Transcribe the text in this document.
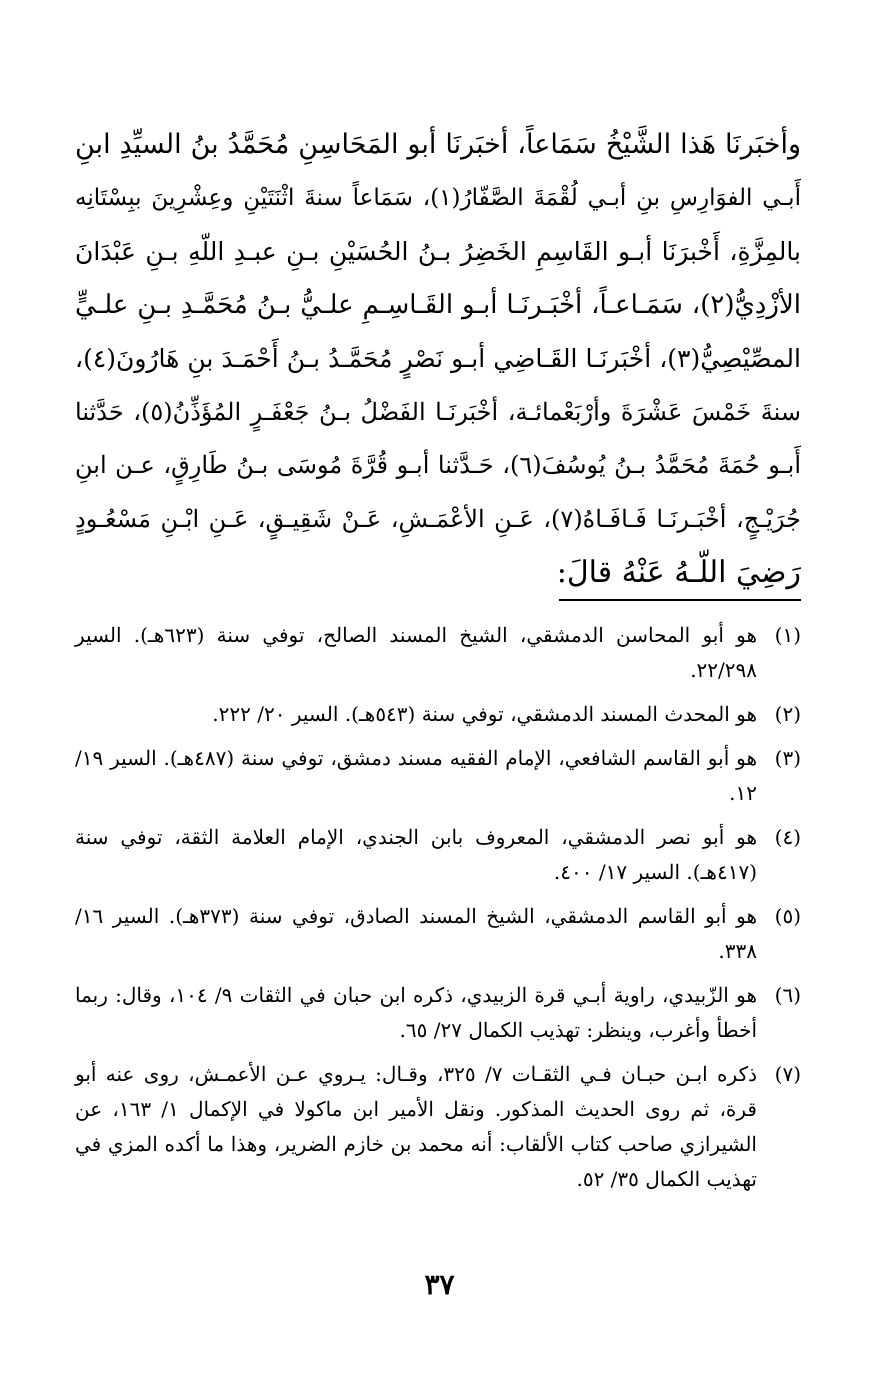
وأخبَرنَا هَذا الشَّيْخُ سَمَاعاً، أخبَرنَا أبو المَحَاسِنِ مُحَمَّدُ بنُ السيِّدِ ابنِ
أَبـي الفوَارِسِ بنِ أبـي لُقْمَةَ الصَّفّارُ(١)، سَمَاعاً سنةَ اثْنَتَيْنِ وعِشْرِينَ ببِسْتَانِه
بالمِزَّةِ، أَخْبرَنَا أبـو القَاسِمِ الخَضِرُ بـنُ الحُسَيْنِ بـنِ عبـدِ اللّهِ بـنِ عَبْدَانَ
الأزْدِيُّ(٢)، سَمَـاعـاً، أخْبَـرنَـا أبـو القَـاسِـمِ علـيُّ بـنُ مُحَمَّـدِ بـنِ علـيٍّ
المصِّيْصِيُّ(٣)، أخْبَرنَـا القَـاضِي أبـو نَصْرٍ مُحَمَّـدُ بـنُ أَحْمَـدَ بنِ هَارُونَ(٤)،
سنةَ خَمْسَ عَشْرَةَ وأرْبَعْمائـة، أخْبَرنَـا الفَضْلُ بـنُ جَعْفَـرٍ المُؤَذِّنُ(٥)، حَدَّثنا
أَبـو حُمَةَ مُحَمَّدُ بـنُ يُوسُفَ(٦)، حَـدَّثنا أبـو قُرَّةَ مُوسَى بـنُ طَارِقٍ، عـن ابنِ
جُرَيْـجٍ، أخْبَـرنَـا فَـافَـاهُ(٧)، عَـنِ الأعْمَـشِ، عَـنْ شَقِيـقٍ، عَـنِ ابْـنِ مَسْعُـودٍ
رَضِيَ اللّـهُ عَنْهُ قالَ:
(١)
هو أبو المحاسن الدمشقي، الشيخ المسند الصالح، توفي سنة (٦٢٣هـ). السير ٢٢/٢٩٨.
(٢)
هو المحدث المسند الدمشقي، توفي سنة (٥٤٣هـ). السير ٢٠/ ٢٢٢.
(٣)
هو أبو القاسم الشافعي، الإمام الفقيه مسند دمشق، توفي سنة (٤٨٧هـ). السير ١٩/ ١٢.
(٤)
هو أبو نصر الدمشقي، المعروف بابن الجندي، الإمام العلامة الثقة، توفي سنة (٤١٧هـ). السير ١٧/ ٤٠٠.
(٥)
هو أبو القاسم الدمشقي، الشيخ المسند الصادق، توفي سنة (٣٧٣هـ). السير ١٦/ ٣٣٨.
(٦)
هو الزّبيدي، راوية أبـي قرة الزبيدي، ذكره ابن حبان في الثقات ٩/ ١٠٤، وقال: ربما أخطأ وأغرب، وينظر: تهذيب الكمال ٢٧/ ٦٥.
(٧)
ذكره ابـن حبـان فـي الثقـات ٧/ ٣٢٥، وقـال: يـروي عـن الأعمـش، روى عنه أبو قرة، ثم روى الحديث المذكور. ونقل الأمير ابن ماكولا في الإكمال ١/ ١٦٣، عن الشيرازي صاحب كتاب الألقاب: أنه محمد بن خازم الضرير، وهذا ما أكده المزي في تهذيب الكمال ٣٥/ ٥٢.
٣٧
